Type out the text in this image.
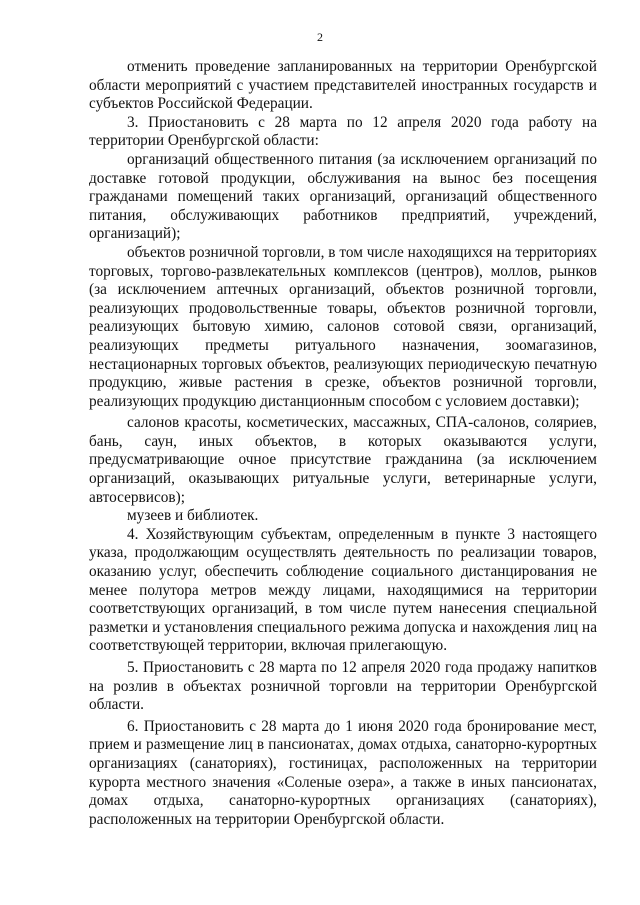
2

отменить проведение запланированных на территории Оренбургской области мероприятий с участием представителей иностранных государств и субъектов Российской Федерации.

3. Приостановить с 28 марта по 12 апреля 2020 года работу на территории Оренбургской области:

организаций общественного питания (за исключением организаций по доставке готовой продукции, обслуживания на вынос без посещения гражданами помещений таких организаций, организаций общественного питания, обслуживающих работников предприятий, учреждений, организаций);

объектов розничной торговли, в том числе находящихся на территориях торговых, торгово-развлекательных комплексов (центров), моллов, рынков (за исключением аптечных организаций, объектов розничной торговли, реализующих продовольственные товары, объектов розничной торговли, реализующих бытовую химию, салонов сотовой связи, организаций, реализующих предметы ритуального назначения, зоомагазинов, нестационарных торговых объектов, реализующих периодическую печатную продукцию, живые растения в срезке, объектов розничной торговли, реализующих продукцию дистанционным способом с условием доставки);

салонов красоты, косметических, массажных, СПА-салонов, соляриев, бань, саун, иных объектов, в которых оказываются услуги, предусматривающие очное присутствие гражданина (за исключением организаций, оказывающих ритуальные услуги, ветеринарные услуги, автосервисов);

музеев и библиотек.

4. Хозяйствующим субъектам, определенным в пункте 3 настоящего указа, продолжающим осуществлять деятельность по реализации товаров, оказанию услуг, обеспечить соблюдение социального дистанцирования не менее полутора метров между лицами, находящимися на территории соответствующих организаций, в том числе путем нанесения специальной разметки и установления специального режима допуска и нахождения лиц на соответствующей территории, включая прилегающую.

5. Приостановить с 28 марта по 12 апреля 2020 года продажу напитков на розлив в объектах розничной торговли на территории Оренбургской области.

6. Приостановить с 28 марта до 1 июня 2020 года бронирование мест, прием и размещение лиц в пансионатах, домах отдыха, санаторно-курортных организациях (санаториях), гостиницах, расположенных на территории курорта местного значения «Соленые озера», а также в иных пансионатах, домах отдыха, санаторно-курортных организациях (санаториях), расположенных на территории Оренбургской области.
